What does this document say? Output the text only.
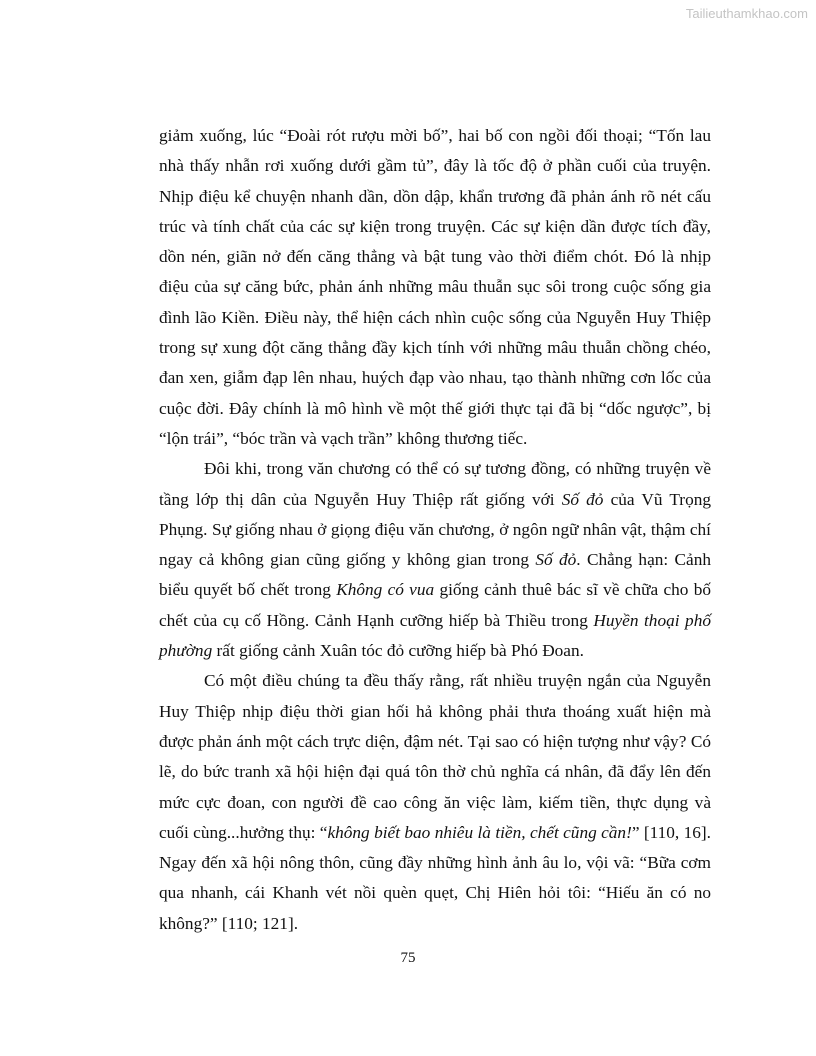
Tailieuthamkhao.com

giảm xuống, lúc “Đoài rót rượu mời bố”, hai bố con ngồi đối thoại; “Tốn lau nhà thấy nhẫn rơi xuống dưới gầm tủ”, đây là tốc độ ở phần cuối của truyện. Nhịp điệu kể chuyện nhanh dần, dồn dập, khẩn trương đã phản ánh rõ nét cấu trúc và tính chất của các sự kiện trong truyện. Các sự kiện dần được tích đầy, dồn nén, giãn nở đến căng thẳng và bật tung vào thời điểm chót. Đó là nhịp điệu của sự căng bức, phản ánh những mâu thuẫn sục sôi trong cuộc sống gia đình lão Kiền. Điều này, thể hiện cách nhìn cuộc sống của Nguyễn Huy Thiệp trong sự xung đột căng thẳng đầy kịch tính với những mâu thuẫn chồng chéo, đan xen, giẫm đạp lên nhau, huých đạp vào nhau, tạo thành những cơn lốc của cuộc đời. Đây chính là mô hình về một thế giới thực tại đã bị “dốc ngược”, bị “lộn trái”, “bóc trần và vạch trần” không thương tiếc.

Đôi khi, trong văn chương có thể có sự tương đồng, có những truyện về tầng lớp thị dân của Nguyễn Huy Thiệp rất giống với Số đỏ của Vũ Trọng Phụng. Sự giống nhau ở giọng điệu văn chương, ở ngôn ngữ nhân vật, thậm chí ngay cả không gian cũng giống y không gian trong Số đỏ. Chẳng hạn: Cảnh biểu quyết bố chết trong Không có vua giống cảnh thuê bác sĩ về chữa cho bố chết của cụ cố Hồng. Cảnh Hạnh cưỡng hiếp bà Thiều trong Huyền thoại phố phường rất giống cảnh Xuân tóc đỏ cưỡng hiếp bà Phó Đoan.

Có một điều chúng ta đều thấy rằng, rất nhiều truyện ngắn của Nguyễn Huy Thiệp nhịp điệu thời gian hối hả không phải thưa thoáng xuất hiện mà được phản ánh một cách trực diện, đậm nét. Tại sao có hiện tượng như vậy? Có lẽ, do bức tranh xã hội hiện đại quá tôn thờ chủ nghĩa cá nhân, đã đẩy lên đến mức cực đoan, con người đề cao công ăn việc làm, kiếm tiền, thực dụng và cuối cùng...hưởng thụ: “không biết bao nhiêu là tiền, chết cũng cần!” [110, 16]. Ngay đến xã hội nông thôn, cũng đầy những hình ảnh âu lo, vội vã: “Bữa cơm qua nhanh, cái Khanh vét nồi quèn quẹt, Chị Hiên hỏi tôi: “Hiếu ăn có no không?” [110; 121].

75
